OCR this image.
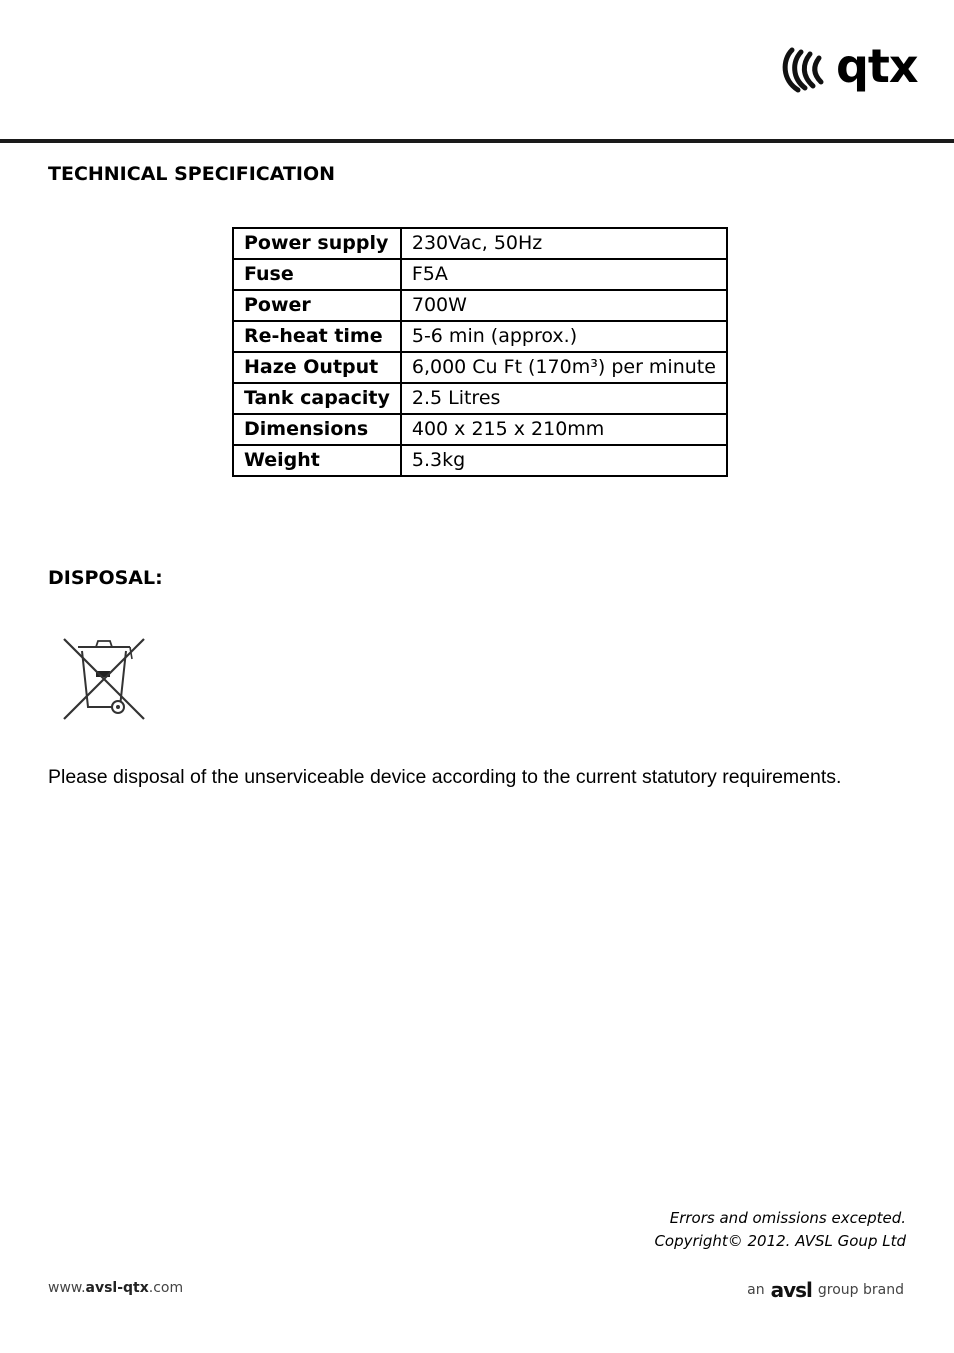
qtx
TECHNICAL SPECIFICATION
Power supply	230Vac, 50Hz
Fuse	F5A
Power	700W
Re-heat time	5-6 min (approx.)
Haze Output	6,000 Cu Ft (170m³) per minute
Tank capacity	2.5 Litres
Dimensions	400 x 215 x 210mm
Weight	5.3kg
DISPOSAL:
Please disposal of the unserviceable device according to the current statutory requirements.
Errors and omissions excepted.
Copyright© 2012. AVSL Goup Ltd
www.avsl-qtx.com	an avsl group brand
